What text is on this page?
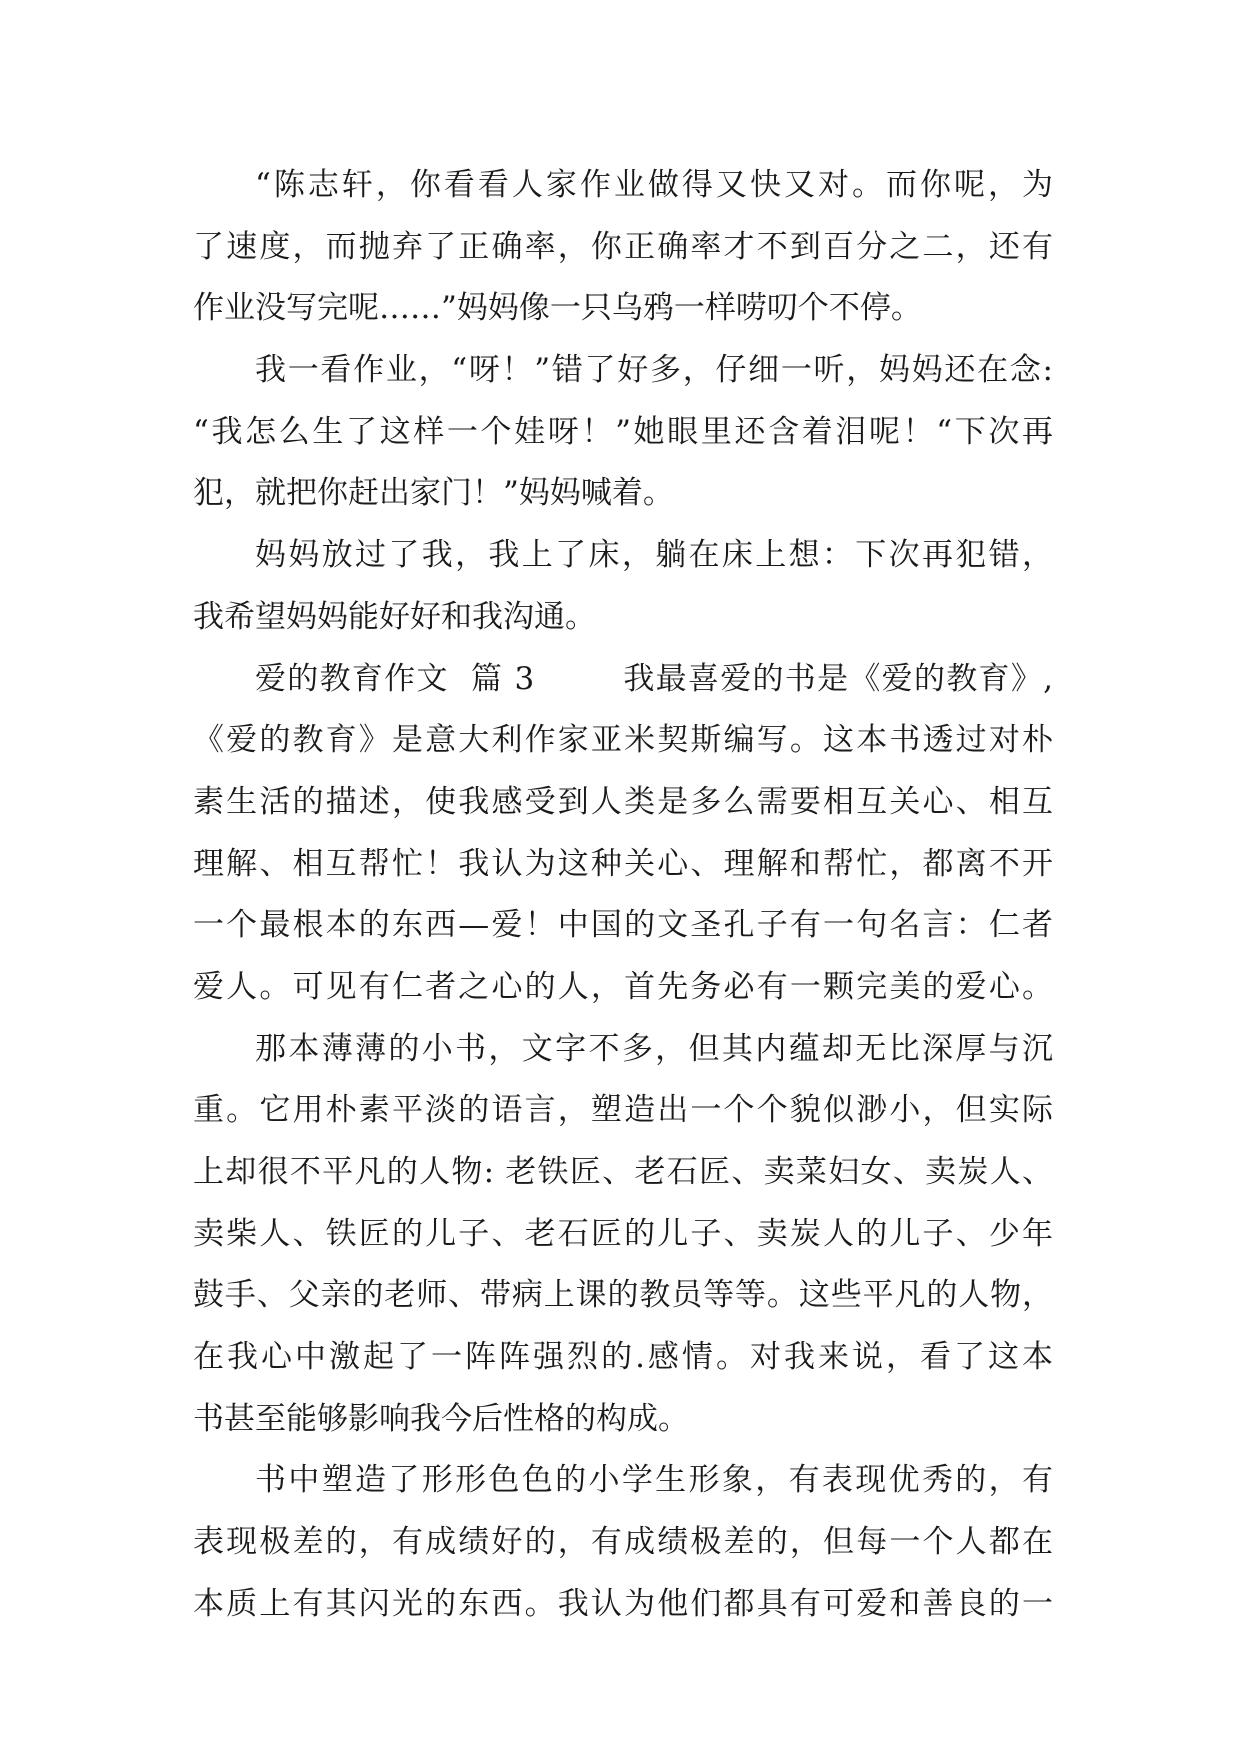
“陈志轩，你看看人家作业做得又快又对。而你呢，为
了速度，而抛弃了正确率，你正确率才不到百分之二，还有
作业没写完呢……”妈妈像一只乌鸦一样唠叨个不停。
我一看作业，“呀！”错了好多，仔细一听，妈妈还在念:
“我怎么生了这样一个娃呀！”她眼里还含着泪呢！“下次再
犯，就把你赶出家门！”妈妈喊着。
妈妈放过了我，我上了床，躺在床上想：下次再犯错，
我希望妈妈能好好和我沟通。
爱的教育作文  篇 3        我最喜爱的书是《爱的教育》,
《爱的教育》是意大利作家亚米契斯编写。这本书透过对朴
素生活的描述，使我感受到人类是多么需要相互关心、相互
理解、相互帮忙！我认为这种关心、理解和帮忙，都离不开
一个最根本的东西—爱！中国的文圣孔子有一句名言：仁者
爱人。可见有仁者之心的人，首先务必有一颗完美的爱心。
那本薄薄的小书，文字不多，但其内蕴却无比深厚与沉
重。它用朴素平淡的语言，塑造出一个个貌似渺小，但实际
上却很不平凡的人物: 老铁匠、老石匠、卖菜妇女、卖炭人、
卖柴人、铁匠的儿子、老石匠的儿子、卖炭人的儿子、少年
鼓手、父亲的老师、带病上课的教员等等。这些平凡的人物，
在我心中激起了一阵阵强烈的.感情。对我来说，看了这本
书甚至能够影响我今后性格的构成。
书中塑造了形形色色的小学生形象，有表现优秀的，有
表现极差的，有成绩好的，有成绩极差的，但每一个人都在
本质上有其闪光的东西。我认为他们都具有可爱和善良的一
